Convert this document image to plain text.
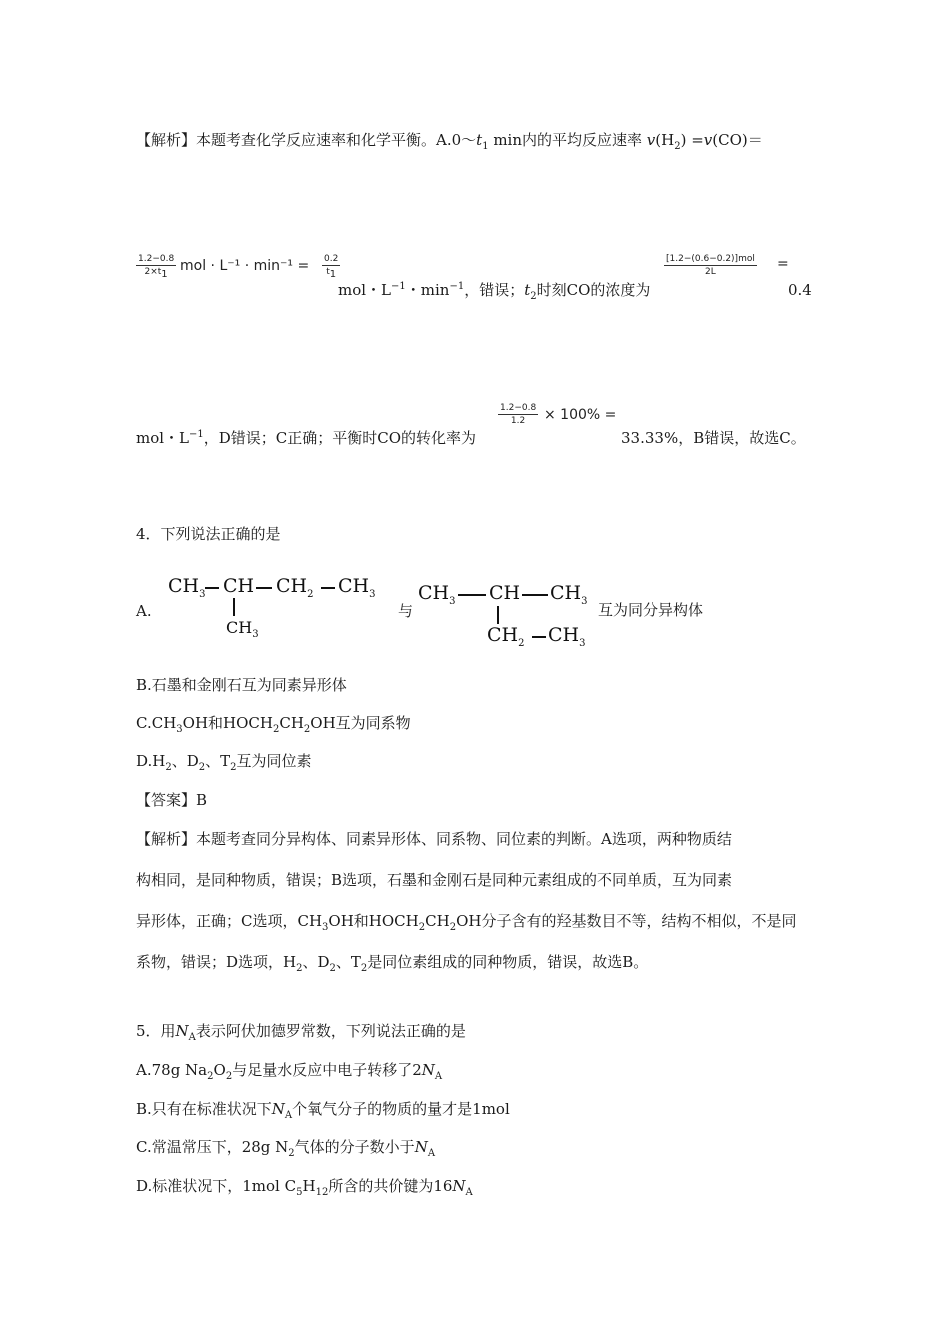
【解析】本题考查化学反应速率和化学平衡。$A.0\sim t_1$ min内的平均反应速率 $v(H_2) =v(CO)=$
$\frac{1.2-0.8}{2\times t_1}$ mol · $L^{-1} \cdot \min^{-1} = \frac{0.2}{t_1}$
mol・$L^{-1}$・$\min^{-1}$，错误；$t_2$时刻CO的浓度为
[1.2−(0.6−0.2)]mol
2L	=
0.4
mol・$L^{-1}$，D错误；C正确；平衡时CO的转化率为
$\frac{1.2-0.8}{1.2} \times 100\%$ =
33.33%，B错误，故选C。
4．下列说法正确的是
A.
$CH_3$ CH $CH_2$ $CH_3$
$CH_3$
与
$CH_3$ CH $CH_3$
$CH_2$ $CH_3$
互为同分异构体
B.石墨和金刚石互为同素异形体
$C.CH_3OH$和$HOCH_2CH_2OH$互为同系物
$D.H_2$、$D_2$、$T_2$互为同位素
【答案】B
【解析】本题考查同分异构体、同素异形体、同系物、同位素的判断。A选项，两种物质结
构相同，是同种物质，错误；B选项，石墨和金刚石是同种元素组成的不同单质，互为同素
异形体，正确；C选项，$CH_3OH$和$HOCH_2CH_2OH$分子含有的羟基数目不等，结构不相似，不是同
系物，错误；D选项，$H_2$、$D_2$、$T_2$是同位素组成的同种物质，错误，故选B。
5．用$N_A$表示阿伏加德罗常数，下列说法正确的是
A.78g $Na_2O_2$与足量水反应中电子转移了$2N_A$
B.只有在标准状况下$N_A$个氧气分子的物质的量才是1mol
C.常温常压下，28g $N_2$气体的分子数小于$N_A$
D.标准状况下，1mol $C_5H_{12}$所含的共价键为$16N_A$
